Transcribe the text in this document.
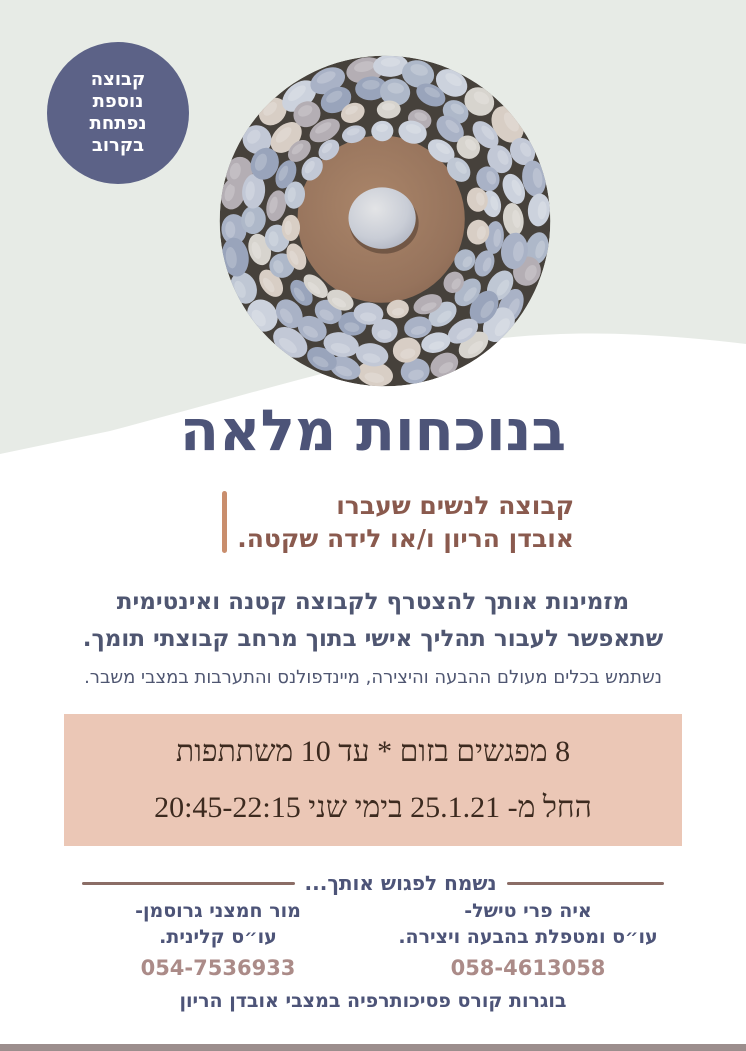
קבוצה
נוספת
נפתחת
בקרוב
בנוכחות מלאה
קבוצה לנשים שעברו
אובדן הריון ו/או לידה שקטה.

מזמינות אותך להצטרף לקבוצה קטנה ואינטימית

שתאפשר לעבור תהליך אישי בתוך מרחב קבוצתי תומך.

נשתמש בכלים מעולם ההבעה והיצירה, מיינדפולנס והתערבות במצבי משבר.

8 מפגשים בזום * עד 10 משתתפות
החל מ- 25.1.21 בימי שני 20:45-22:15
נשמח לפגוש אותך...
איה פרי טישל-
עו״ס ומטפלת בהבעה ויצירה.
058-4613058
מור חמצני גרוסמן-
עו״ס קלינית.
054-7536933
בוגרות קורס פסיכותרפיה במצבי אובדן הריון
